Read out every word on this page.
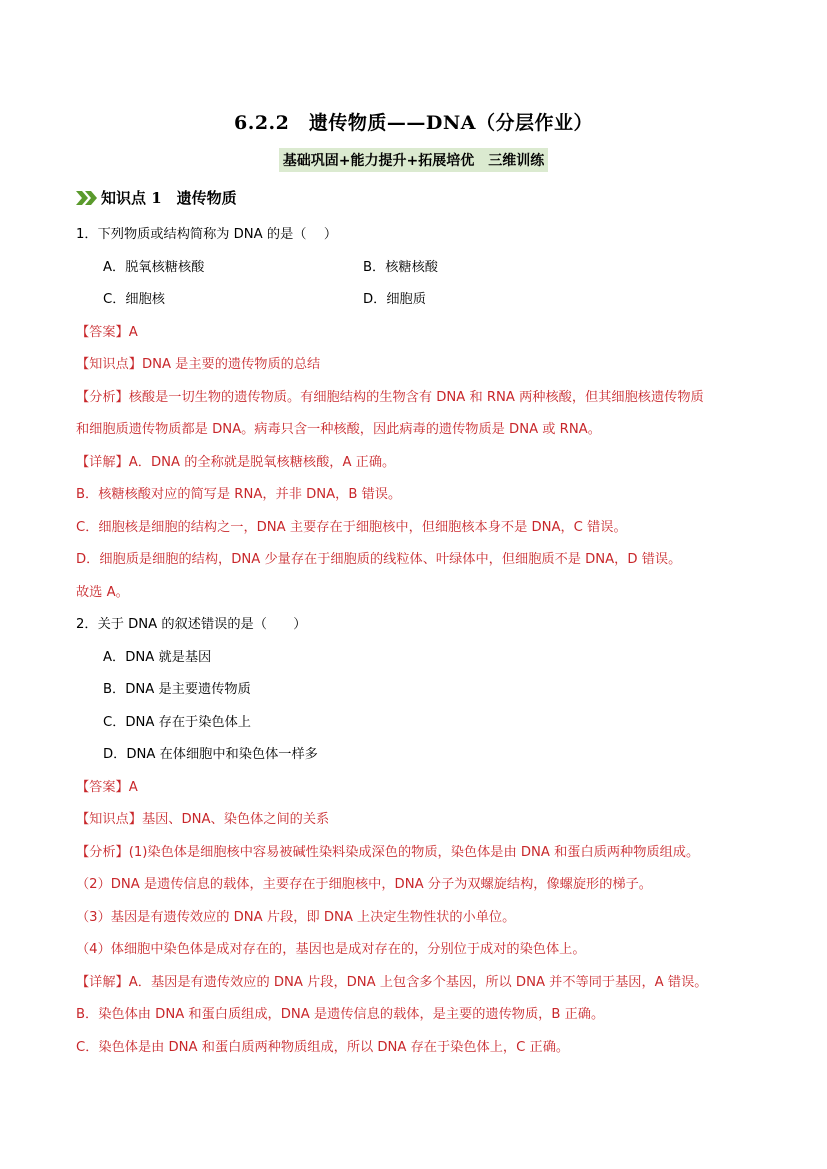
6.2.2　遗传物质——DNA（分层作业）
基础巩固+能力提升+拓展培优　三维训练
知识点 1　遗传物质
1．下列物质或结构简称为 DNA 的是（　 ）
A．脱氧核糖核酸	B．核糖核酸
C．细胞核	D．细胞质
【答案】A
【知识点】DNA 是主要的遗传物质的总结
【分析】核酸是一切生物的遗传物质。有细胞结构的生物含有 DNA 和 RNA 两种核酸，但其细胞核遗传物质
和细胞质遗传物质都是 DNA。病毒只含一种核酸，因此病毒的遗传物质是 DNA 或 RNA。
【详解】A．DNA 的全称就是脱氧核糖核酸，A 正确。
B．核糖核酸对应的简写是 RNA，并非 DNA，B 错误。
C．细胞核是细胞的结构之一，DNA 主要存在于细胞核中，但细胞核本身不是 DNA，C 错误。
D．细胞质是细胞的结构，DNA 少量存在于细胞质的线粒体、叶绿体中，但细胞质不是 DNA，D 错误。
故选 A。
2．关于 DNA 的叙述错误的是（　　）
A．DNA 就是基因
B．DNA 是主要遗传物质
C．DNA 存在于染色体上
D．DNA 在体细胞中和染色体一样多
【答案】A
【知识点】基因、DNA、染色体之间的关系
【分析】(1)染色体是细胞核中容易被碱性染料染成深色的物质，染色体是由 DNA 和蛋白质两种物质组成。
（2）DNA 是遗传信息的载体，主要存在于细胞核中，DNA 分子为双螺旋结构，像螺旋形的梯子。
（3）基因是有遗传效应的 DNA 片段，即 DNA 上决定生物性状的小单位。
（4）体细胞中染色体是成对存在的，基因也是成对存在的，分别位于成对的染色体上。
【详解】A．基因是有遗传效应的 DNA 片段，DNA 上包含多个基因，所以 DNA 并不等同于基因，A 错误。
B．染色体由 DNA 和蛋白质组成，DNA 是遗传信息的载体，是主要的遗传物质，B 正确。
C．染色体是由 DNA 和蛋白质两种物质组成，所以 DNA 存在于染色体上，C 正确。
